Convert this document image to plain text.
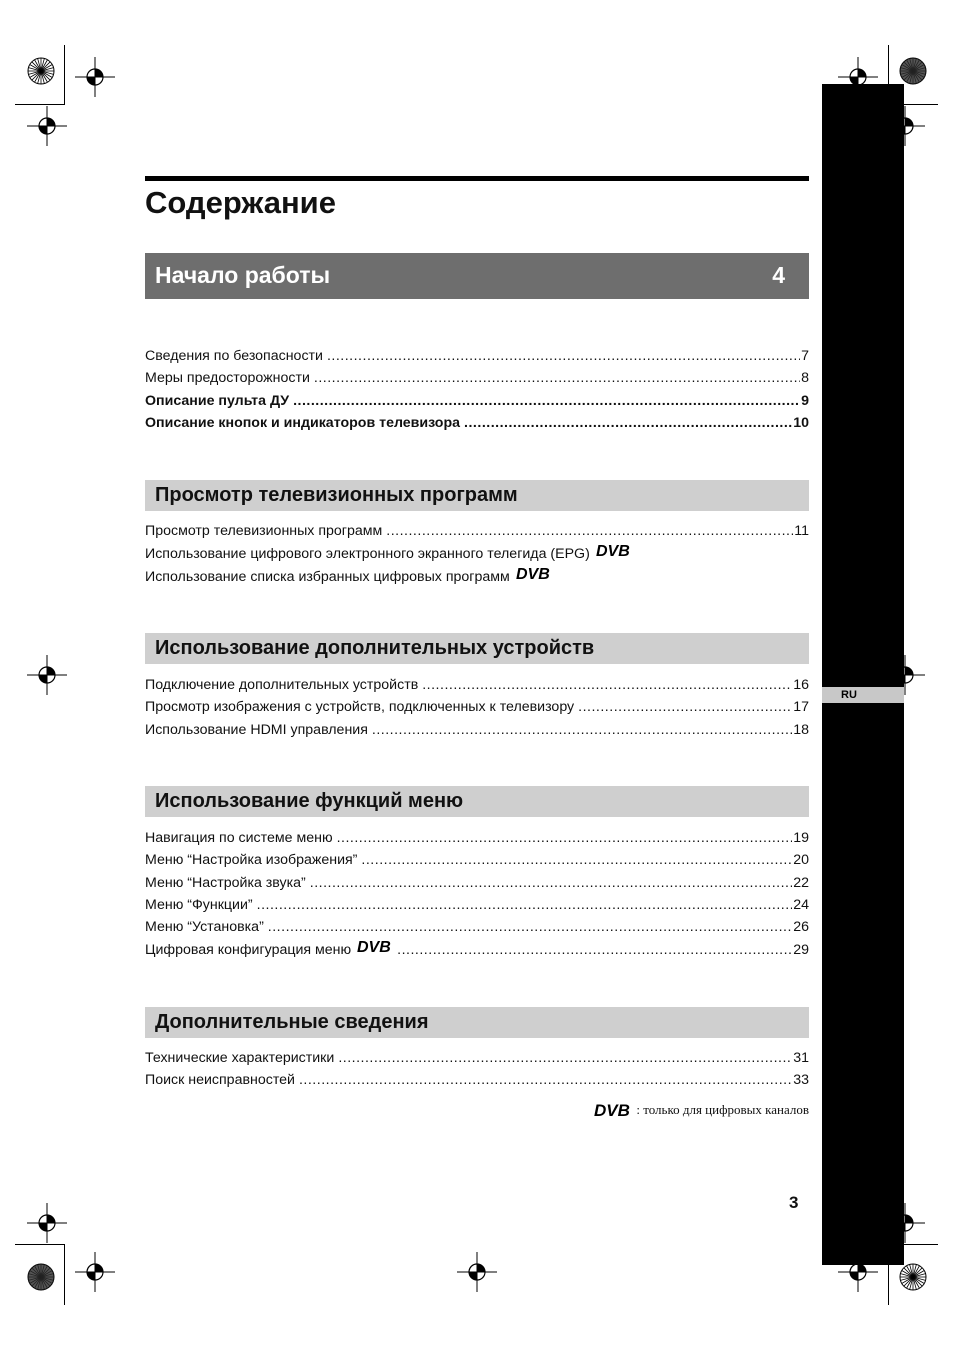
RU
Содержание
Начало работы	4
Сведения по безопасности .....	7
Меры предосторожности .....	8
Описание пульта ДУ .....	9
Описание кнопок и индикаторов телевизора .....	10
Просмотр телевизионных программ
Просмотр телевизионных программ .....	11
Использование цифрового электронного экранного телегида (EPG) DVB
Использование списка избранных цифровых программ DVB
Использование дополнительных устройств
Подключение дополнительных устройств .....	16
Просмотр изображения с устройств, подключенных к телевизору .....	17
Использование HDMI управления .....	18
Использование функций меню
Навигация по системе меню .....	19
Меню “Настройка изображения” .....	20
Меню “Настройка звука” .....	22
Меню “Функции” .....	24
Меню “Установка” .....	26
Цифровая конфигурация меню DVB .....	29
Дополнительные сведения
Технические характеристики .....	31
Поиск неисправностей .....	33
DVB : только для цифровых каналов
3
